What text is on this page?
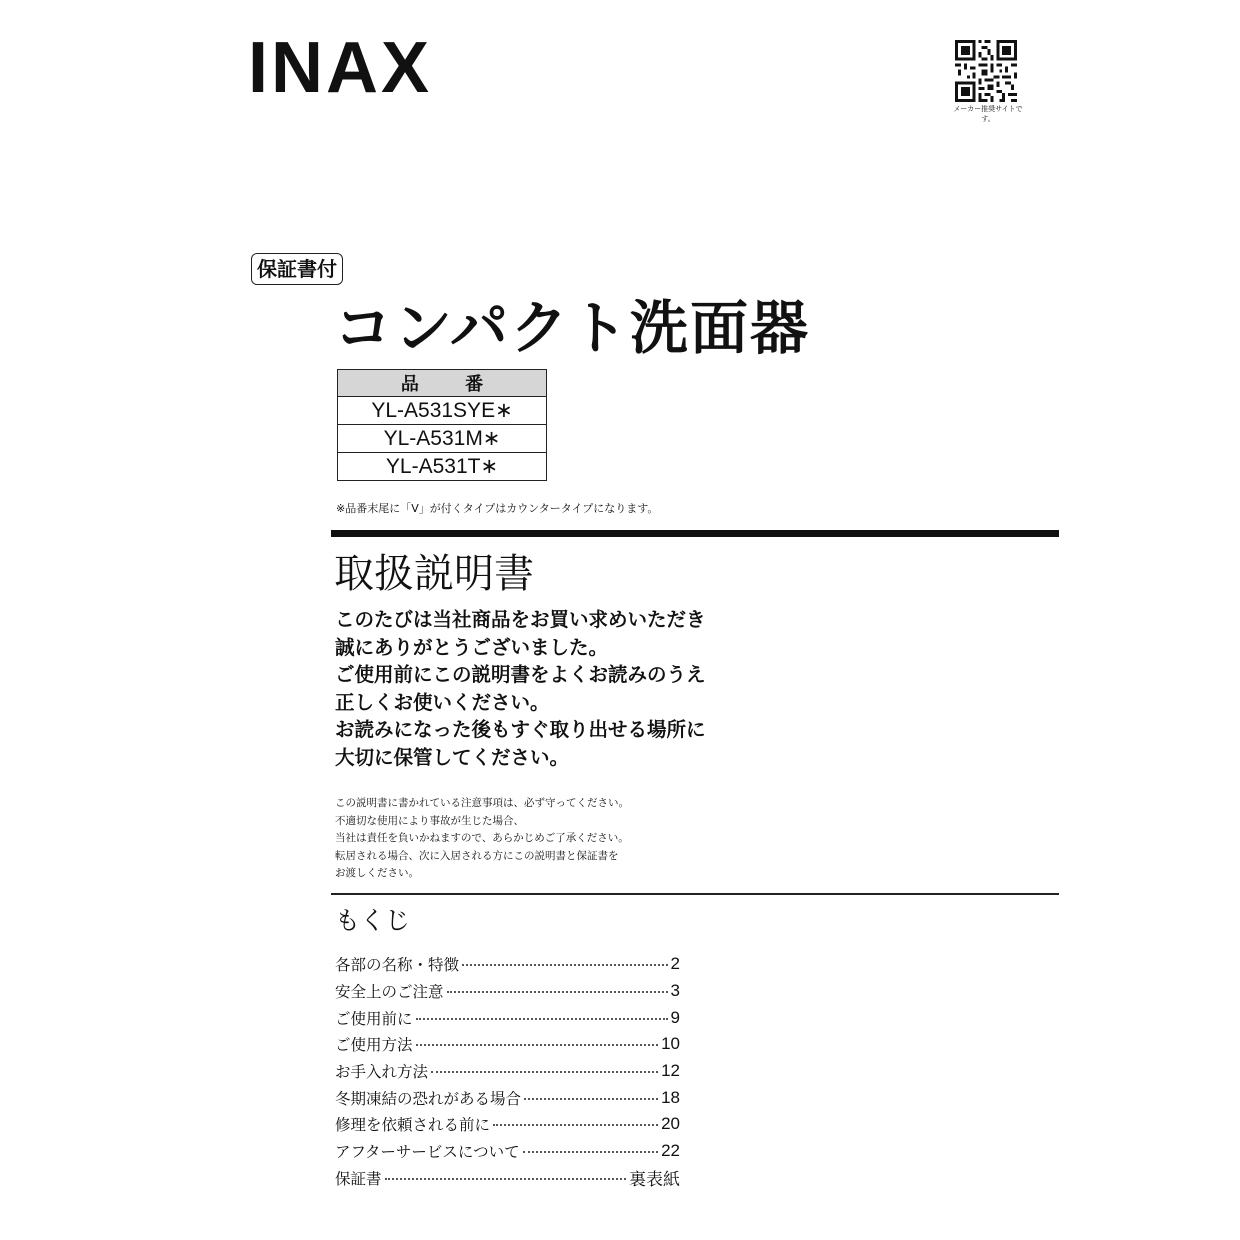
INAX
メーカー推奨サイトです。
保証書付
コンパクト洗面器
品 番
YL-A531SYE∗
YL-A531M∗
YL-A531T∗
※品番末尾に「V」が付くタイプはカウンタータイプになります。
取扱説明書
このたびは当社商品をお買い求めいただき
誠にありがとうございました。
ご使用前にこの説明書をよくお読みのうえ
正しくお使いください。
お読みになった後もすぐ取り出せる場所に
大切に保管してください。
この説明書に書かれている注意事項は、必ず守ってください。
不適切な使用により事故が生じた場合、
当社は責任を負いかねますので、あらかじめご了承ください。
転居される場合、次に入居される方にこの説明書と保証書を
お渡しください。
もくじ
各部の名称・特徴	2
安全上のご注意	3
ご使用前に	9
ご使用方法	10
お手入れ方法	12
冬期凍結の恐れがある場合	18
修理を依頼される前に	20
アフターサービスについて	22
保証書	裏表紙
